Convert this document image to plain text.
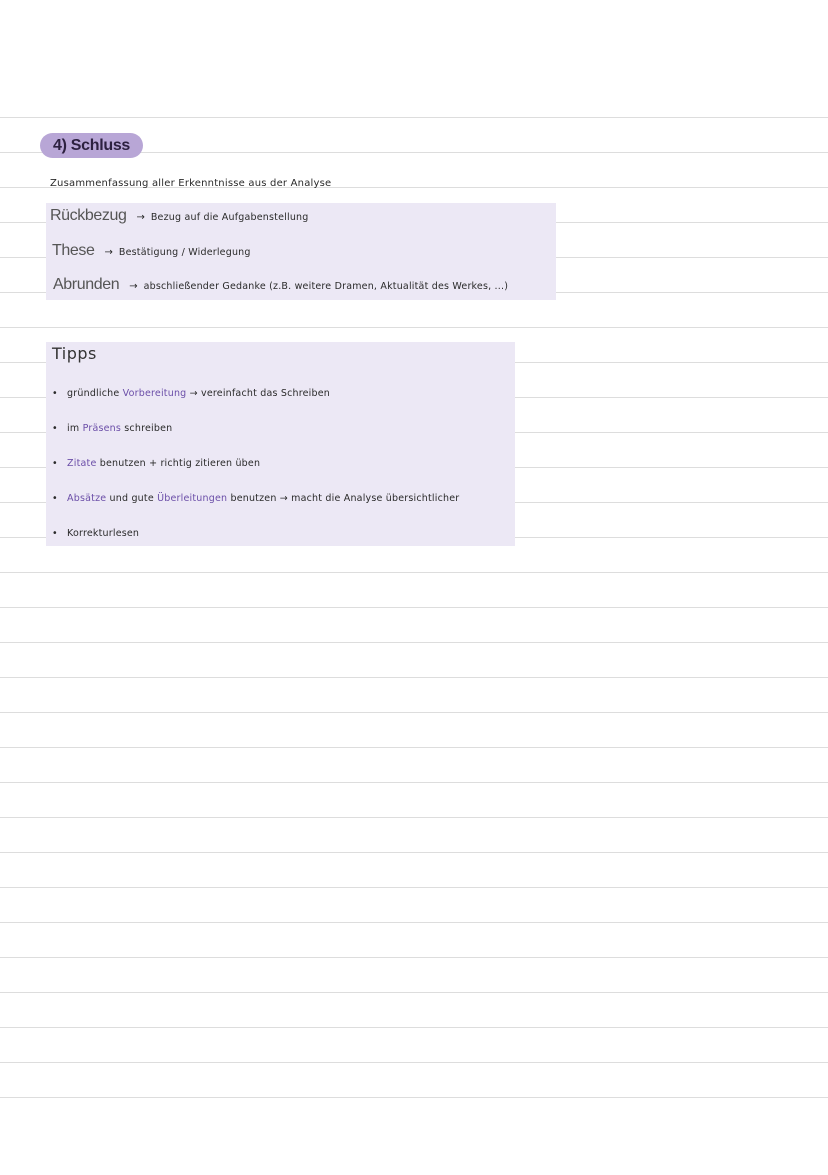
4) Schluss
Zusammenfassung aller Erkenntnisse aus der Analyse
Rückbezug → Bezug auf die Aufgabenstellung
These → Bestätigung / Widerlegung
Abrunden → abschließender Gedanke (z.B. weitere Dramen, Aktualität des Werkes, ...)
Tipps
• gründliche Vorbereitung → vereinfacht das Schreiben
• im Präsens schreiben
• Zitate benutzen + richtig zitieren üben
• Absätze und gute Überleitungen benutzen → macht die Analyse übersichtlicher
• Korrekturlesen
